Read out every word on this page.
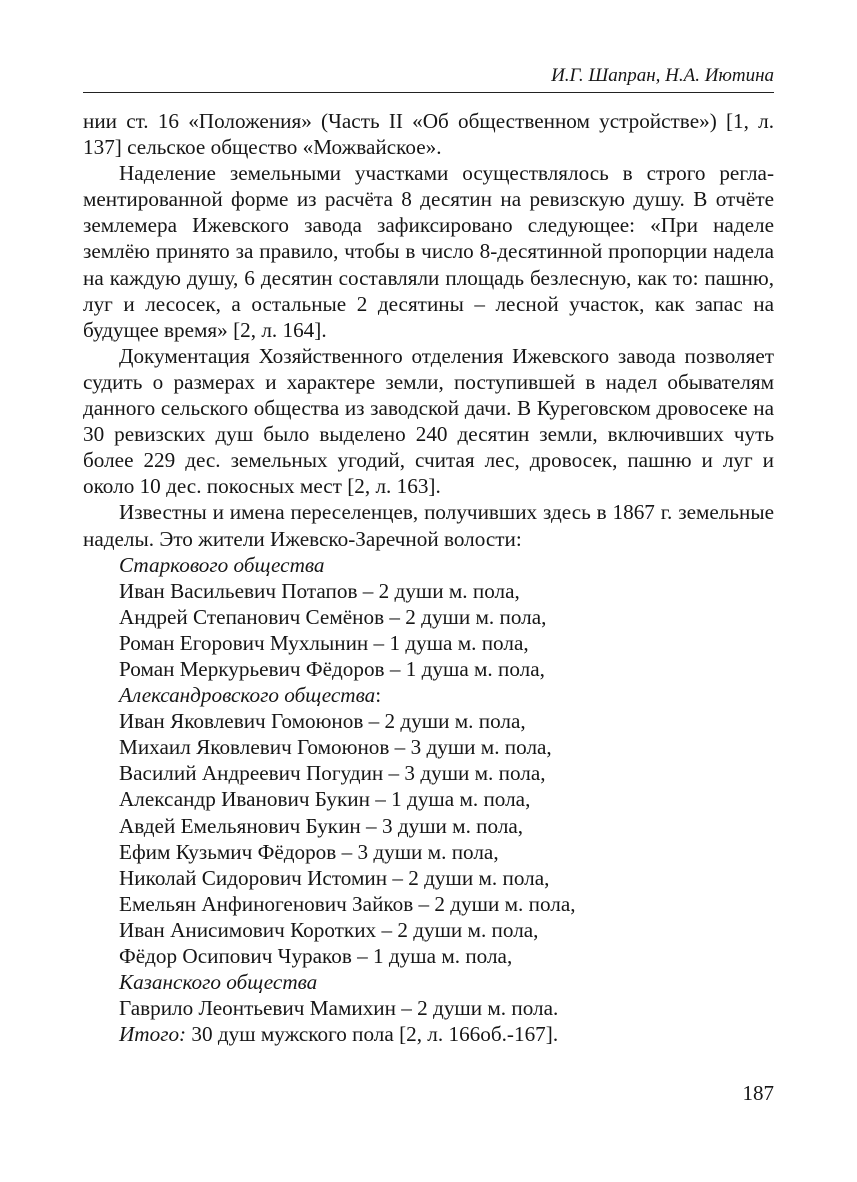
И.Г. Шапран, Н.А. Иютина

нии ст. 16 «Положения» (Часть II «Об общественном устройстве») [1, л. 137] сельское общество «Можвайское».

Наделение земельными участками осуществлялось в строго регламентированной форме из расчёта 8 десятин на ревизскую душу. В отчёте землемера Ижевского завода зафиксировано следующее: «При наделе землёю принято за правило, чтобы в число 8-десятинной пропорции надела на каждую душу, 6 десятин составляли площадь безлесную, как то: пашню, луг и лесосек, а остальные 2 десятины – лесной участок, как запас на будущее время» [2, л. 164].

Документация Хозяйственного отделения Ижевского завода позволяет судить о размерах и характере земли, поступившей в надел обывателям данного сельского общества из заводской дачи. В Куреговском дровосеке на 30 ревизских душ было выделено 240 десятин земли, включивших чуть более 229 дес. земельных угодий, считая лес, дровосек, пашню и луг и около 10 дес. покосных мест [2, л. 163].

Известны и имена переселенцев, получивших здесь в 1867 г. земельные наделы. Это жители Ижевско-Заречной волости:

Старкового общества

Иван Васильевич Потапов – 2 души м. пола,

Андрей Степанович Семёнов – 2 души м. пола,

Роман Егорович Мухлынин – 1 душа м. пола,

Роман Меркурьевич Фёдоров – 1 душа м. пола,

Александровского общества:

Иван Яковлевич Гомоюнов – 2 души м. пола,

Михаил Яковлевич Гомоюнов – 3 души м. пола,

Василий Андреевич Погудин – 3 души м. пола,

Александр Иванович Букин – 1 душа м. пола,

Авдей Емельянович Букин – 3 души м. пола,

Ефим Кузьмич Фёдоров – 3 души м. пола,

Николай Сидорович Истомин – 2 души м. пола,

Емельян Анфиногенович Зайков – 2 души м. пола,

Иван Анисимович Коротких – 2 души м. пола,

Фёдор Осипович Чураков – 1 душа м. пола,

Казанского общества

Гаврило Леонтьевич Мамихин – 2 души м. пола.

Итого: 30 душ мужского пола [2, л. 166об.-167].

187
